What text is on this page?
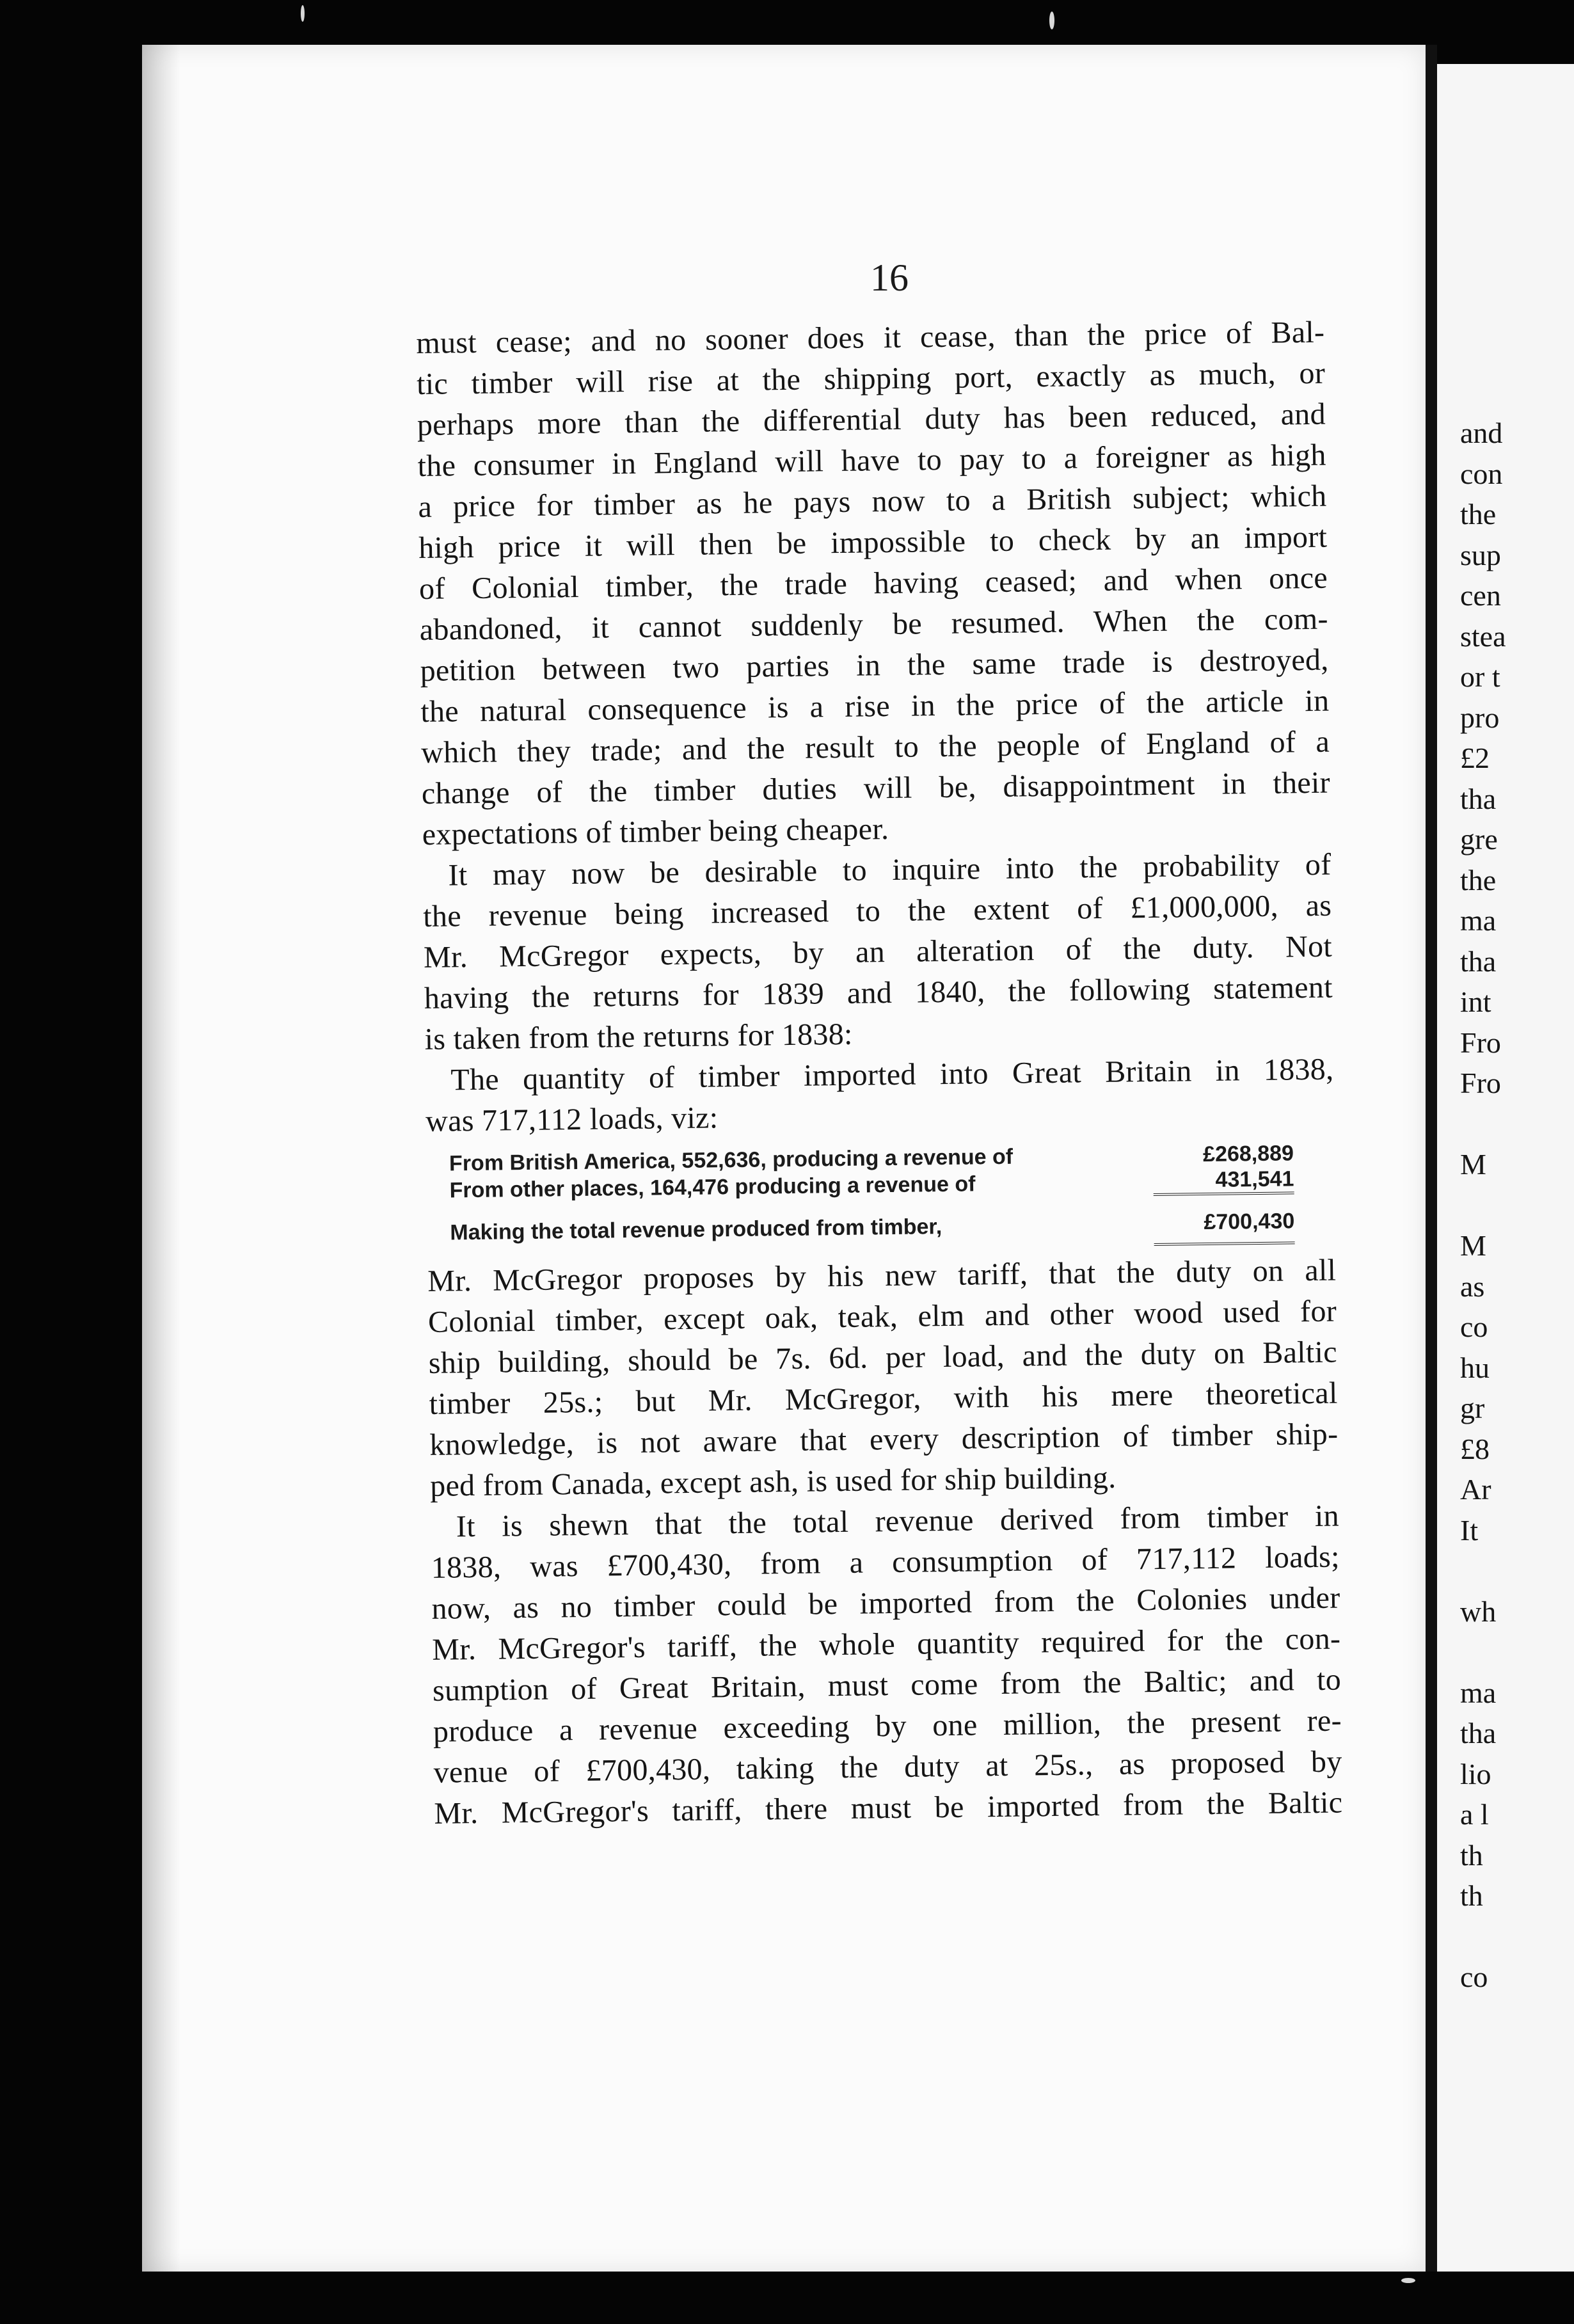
16
must cease; and no sooner does it cease, than the price of Bal-
tic timber will rise at the shipping port, exactly as much, or
perhaps more than the differential duty has been reduced, and
the consumer in England will have to pay to a foreigner as high
a price for timber as he pays now to a British subject; which
high price it will then be impossible to check by an import
of Colonial timber, the trade having ceased; and when once
abandoned, it cannot suddenly be resumed. When the com-
petition between two parties in the same trade is destroyed,
the natural consequence is a rise in the price of the article in
which they trade; and the result to the people of England of a
change of the timber duties will be, disappointment in their
expectations of timber being cheaper.
It may now be desirable to inquire into the probability of
the revenue being increased to the extent of £1,000,000, as
Mr. McGregor expects, by an alteration of the duty. Not
having the returns for 1839 and 1840, the following statement
is taken from the returns for 1838:
The quantity of timber imported into Great Britain in 1838,
was 717,112 loads, viz:
From British America, 552,636, producing a revenue of	£268,889
From other places, 164,476 producing a revenue of	431,541
Making the total revenue produced from timber,	£700,430
Mr. McGregor proposes by his new tariff, that the duty on all
Colonial timber, except oak, teak, elm and other wood used for
ship building, should be 7s. 6d. per load, and the duty on Baltic
timber 25s.; but Mr. McGregor, with his mere theoretical
knowledge, is not aware that every description of timber ship-
ped from Canada, except ash, is used for ship building.
It is shewn that the total revenue derived from timber in
1838, was £700,430, from a consumption of 717,112 loads;
now, as no timber could be imported from the Colonies under
Mr. McGregor's tariff, the whole quantity required for the con-
sumption of Great Britain, must come from the Baltic; and to
produce a revenue exceeding by one million, the present re-
venue of £700,430, taking the duty at 25s., as proposed by
Mr. McGregor's tariff, there must be imported from the Baltic
and
con
the
sup
cen
stea
or t
pro
£2
tha
gre
the
ma
tha
int
Fro
Fro
M
M
as
co
hu
gr
£8
Ar
It
wh
ma
tha
lio
a l
th
th
co
